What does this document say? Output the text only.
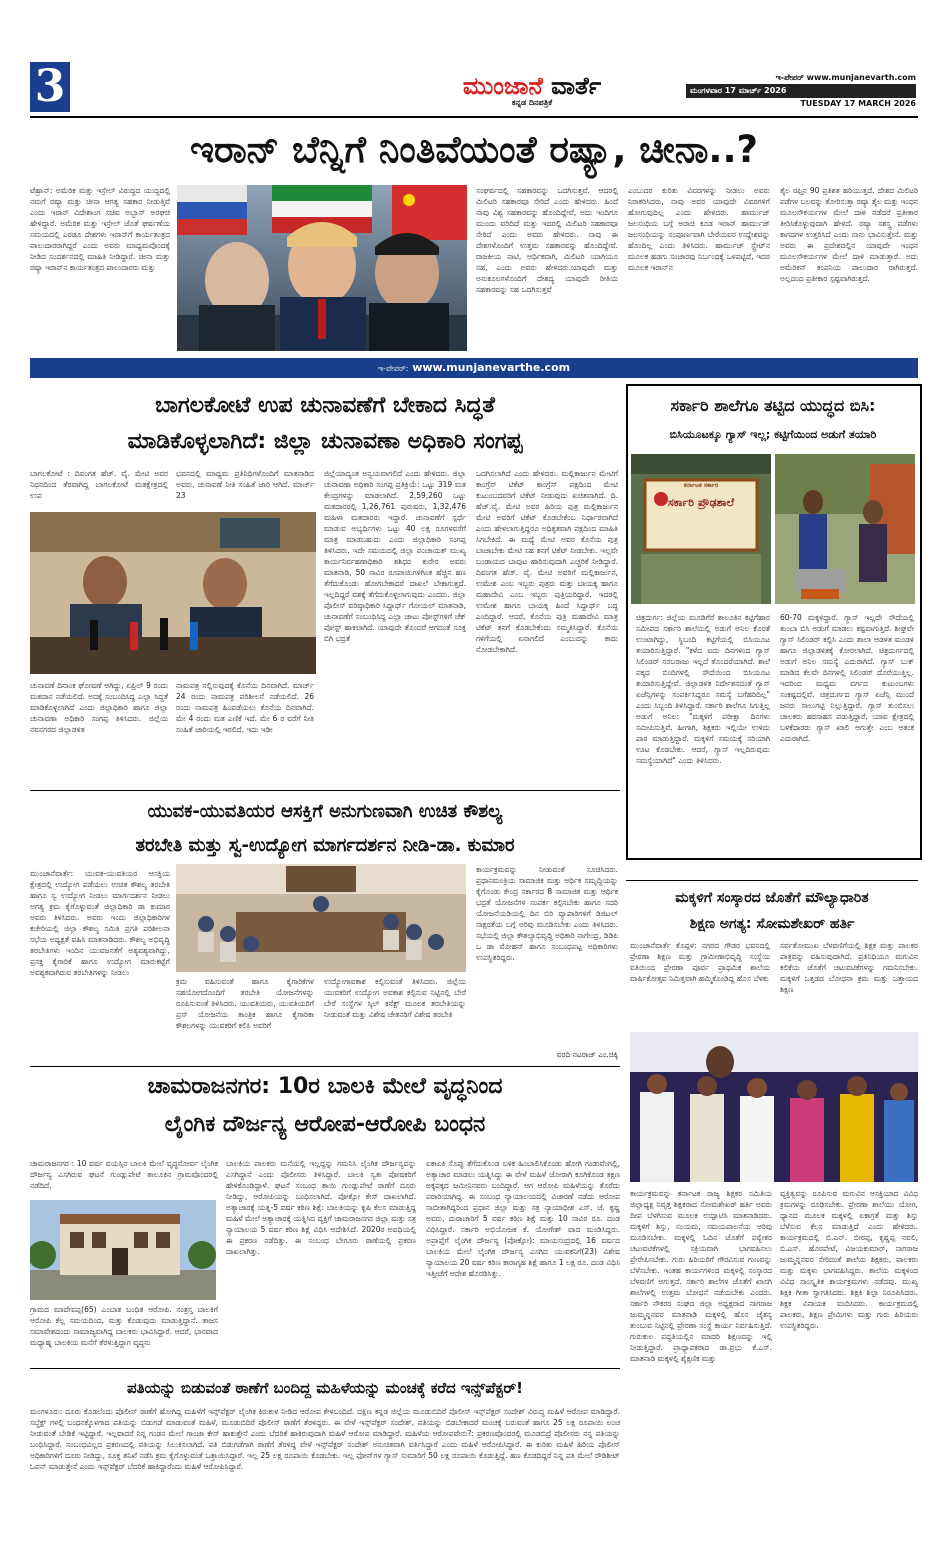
3	ಮುಂಜಾನೆ ವಾರ್ತೆ
ಕನ್ನಡ ದಿನಪತ್ರಿಕೆ
ಇ-ಪೇಪರ್ www.munjanevarth.com
ಮಂಗಳವಾರ 17 ಮಾರ್ಚ್ 2026
TUESDAY 17 MARCH 2026
ಇರಾನ್ ಬೆನ್ನಿಗೆ ನಿಂತಿವೆಯಂತೆ ರಷ್ಯಾ, ಚೀನಾ..?
ಟೆಹ್ರಾನ್: ಅಮೆರಿಕ ಮತ್ತು ಇಸ್ರೇಲ್ ವಿರುದ್ಧದ ಯುದ್ಧದಲ್ಲಿ ನಮಗೆ ರಷ್ಯಾ ಮತ್ತು ಚೀನಾ ಆಗತ್ಯ ಸಹಕಾರ ನೀಡುತ್ತಿವೆ ಎಂದು ಇರಾನ್ ವಿದೇಶಾಂಗ ಸಚಿವ ಅಬ್ಬಾಸ್ ಅರಘಚಿ ಹೇಳಿದ್ದಾರೆ. ಅಮೆರಿಕ ಮತ್ತು ಇಸ್ರೇಲ್ ಜೊತೆ ಘರ್ಷಣೆಯ ಸಮಯದಲ್ಲಿ ಎರಡೂ ದೇಶಗಳು ಇರಾನ್‌ಗೆ ಕಾರ್ಯತಂತ್ರದ ಪಾಲುದಾರರಾಗಿದ್ದರೆ ಎಂದು ಅವರು ಮಾಧ್ಯಮವೊಂದಕ್ಕೆ ನೀಡಿದ ಸಂದರ್ಶನದಲ್ಲಿ ಮಾಹಿತಿ ನೀಡಿದ್ದಾರೆ. ಚೀನಾ ಮತ್ತು ರಷ್ಯಾ ಇರಾನ್‌ನ ಕಾರ್ಯತಂತ್ರದ ಪಾಲುದಾರರು ಮತ್ತು
ಸಂಘರ್ಷದಲ್ಲಿ ಸಹಕಾರವನ್ನು ಒದಗಿಸುತ್ತವೆ. ಆದರಲ್ಲಿ ಮಿಲಿಟರಿ ಸಹಕಾರವೂ ಸೇರಿದೆ ಎಂದು ಹೇಳಿದರು. ಹಿಂದೆ ನಾವು ವಿಶ್ವ ಸಹಕಾರವನ್ನು ಹೊಂದಿದ್ದೇವೆ, ಅದು ಇಂದಿಗೂ ಮುಂದು ವರಿದಿದೆ ಮತ್ತು ಇದರಲ್ಲಿ ಮಿಲಿಟರಿ ಸಹಕಾರವೂ ಸೇರಿದೆ ಎಂದು ಅವರು ಹೇಳಿದರು. ನಾವು ಈ ದೇಶಗಳೊಂದಿಗೆ ಉತ್ತಮ ಸಹಕಾರವನ್ನು ಹೊಂದಿದ್ದೇವೆ. ರಾಜಕೀಯ ನಾಟಿ, ಆರ್ಥಿಕವಾಗಿ, ಮಿಲಿಟರಿ ಯಾಗಿಯೂ ಸಹ, ಎಂದು ಅವರು ಹೇಳಿದರು.ಯಾವುದೇ ಮತ್ತು ಅನುಕೂಲಗಳೊಂದಿಗೆ ದೇಶದ್ಯ ಯಾವುದೇ ರೀತಿಯ ಸಹಕಾರವನ್ನು ಸಹ ಒದಗಿಸುತ್ತವೆ
ಎಂಬುದರ ಕುರಿತು ವಿವರಗಳನ್ನು ನೀಡಲು ಅವರು ನಿರಾಕರಿಸಿದರು, ನಾವು ಅವರ ಯಾವುದೇ ವಿವರಗಳಿಗೆ ಹೋಗುವುದಿಲ್ಲ ಎಂದು ಹೇಳಿದರು. ಹಾರ್ಮುಜ್ ಜಲಸಂಧಿಯ ಬಗ್ಗೆ ಅರಾಚಿ ಕೂಡ ಇರಾನ್ ಹಾರ್ಮುಜ್ ಜಲಸಂಧಿಯನ್ನು ಸಂಪೂರ್ಣವಾಗಿ ಬೇರೆಯವರ ಉದ್ದೇಶವನ್ನು ಹೊಂದಿಲ್ಲ ಎಂದು ತಿಳಿಸಿದರು. ಹಾರ್ಮುಜ್ ಸ್ಟ್ರೇಟ್‌ನ ಮೂಲಕ ಹಡಗು ಸಂಚಾರವು ನಿರ್ಬಂಧಕ್ಕೆ ಒಳಪಟ್ಟಿದೆ, ಇದರ ಮೂಲಕ ಇರಾನ್‌ನ
ತೈಲ ರಫ್ತಿನ 90 ಪ್ರತಿಶತ ಹರಿಯುತ್ತದೆ. ದೇಶದ ಮಿಲಿಟರಿ ಪಡೆಗಳ ಬಲವನ್ನು ತೋರಿಸುತ್ತಾ ರಷ್ಯಾ ತೈಲ ಮತ್ತು ಇಂಧನ ಮೂಲಸೌಕರ್ಯಗಳ ಮೇಲೆ ದಾಳಿ ನಡೆದರೆ ಪ್ರತೀಕಾರ ತೀರಿಸಿಕೊಳ್ಳುವುದಾಗಿ ಹೇಳಿದೆ. ರಷ್ಯಾ ಸಶಸ್ತ್ರ ಪಡೆಗಳು ಕಾಗದಗಳ ಉತ್ತರಿಸಿದೆ ಎಂದು ನಾನು ಭಾವಿಸುತ್ತೇನೆ. ಮತ್ತು ಅವರು ಈ ಪ್ರದೇಶದಲ್ಲಿನ ಯಾವುದೇ ಇಂಧನ ಮೂಲಸೌಕರ್ಯಗಳ ಮೇಲೆ ದಾಳಿ ಮಾಡುತ್ತಾರೆ. ಅದು ಅಮೆರಿಕನ್ ಕಂಪನಿಯ ಪಾಲುದಾರ ರಾಗಿರುತ್ತದೆ. ಅಲ್ಲದಂದ ಪ್ರತೀಕಾರ ಸ್ಪಷ್ಟವಾಗಿರುತ್ತದೆ.
ಇ-ಪೇಪರ್: www.munjanevarthe.com
ಬಾಗಲಕೋಟೆ ಉಪ ಚುನಾವಣೆಗೆ ಬೇಕಾದ ಸಿದ್ಧತೆ
ಮಾಡಿಕೊಳ್ಳಲಾಗಿದೆ: ಜಿಲ್ಲಾ ಚುನಾವಣಾ ಅಧಿಕಾರಿ ಸಂಗಪ್ಪ
ಬಾಗಲಕೋಟೆ : ದಿವಂಗತ ಹೆಚ್. ವೈ. ಮೇಟಿ ಅವರ ನಿಧನದಿಂದ ತೆರವಾಗಿದ್ದ ಬಾಗಲಕೋಟೆ ಮತಕ್ಷೇತ್ರದಲ್ಲಿ ಉಪ
ಭವನದಲ್ಲಿ ಮಾಧ್ಯಮ ಪ್ರತಿನಿಧಿಗಳೊಂದಿಗೆ ಮಾತನಾಡಿದ ಅವರು, ಚುನಾವಣೆ ನೀತಿ ಸಂಹಿತೆ ಜಾರಿ ಆಗಿದೆ. ಮಾರ್ಚ್ 23
ಚುನಾವಣೆ ದಿನಾಂಕ ಘೋಷಣೆ ಆಗಿದ್ದು, ಏಪ್ರಿಲ್ 9 ರಂದು ಮತದಾನ ನಡೆಯಲಿದೆ. ಅದಕ್ಕೆ ಸಂಬಂದಿಸಿದ್ದ ಎಲ್ಲಾ ಸಿದ್ಧತೆ ಮಾಡಿಕೊಳ್ಳಲಾಗಿದೆ ಎಂದು ಜಿಲ್ಲಾಧಿಕಾರಿ ಹಾಗೂ ಜಿಲ್ಲಾ ಚುನಾವಣಾ ಅಧಿಕಾರಿ ಸಂಗಪ್ಪ ತಿಳಿಸಿದರು. ಜಿಲ್ಲೆಯ ನವನಗರದ ಜಿಲ್ಲಾಡಳಿತ
ನಾಮಪತ್ರ ಸಲ್ಲಿಸುವುದಕ್ಕೆ ಕೊನೆಯ ದಿನವಾಗಿದೆ. ಮಾರ್ಚ್ 24 ರಂದು ನಾಮಪತ್ರ ಪರಿಶೀಲನೆ ನಡೆಯಲಿದೆ. 26 ರಂದು ನಾಮಪತ್ರ ಹಿಂಪಡೆಯಲು ಕೊನೆಯ ದಿನವಾಗಿದೆ. ಮೇ 4 ರಂದು ಮತ ಎಣಿಕೆ ಇದೆ. ಮೇ 6 ರ ವರೆಗೆ ನೀತಿ ಸಂಹಿತೆ ಜಾರಿಯಲ್ಲಿ ಇರಲಿದೆ. ಇದು ಇಡೀ
ಜಿಲ್ಲೆಯಾದ್ಯಂತ ಅನ್ವಯವಾಗಲಿದೆ ಎಂದು ಹೇಳಿದರು. ಜಿಲ್ಲಾ ಚುನಾವಣಾ ಅಧಿಕಾರಿ ಸಂಗಪ್ಪ ಪ್ರತಿಕ್ರಿಯೆ: ಒಟ್ಟು 319 ಮತ ಕೇಂದ್ರಗಳನ್ನು ಮಾಡಲಾಗಿದೆ. 2,59,260 ಒಟ್ಟು ಮತದಾರರಲ್ಲಿ 1,26,761 ಪುರುಷರು, 1,32,476 ಮಹಿಳಾ ಮತದಾರರು ಇದ್ದಾರೆ. ಚುನಾವಣೆಗೆ ಸ್ಪರ್ಧೆ ಮಾಡುವ ಅಭ್ಯರ್ಥಿಗಳು ಒಟ್ಟು 40 ಲಕ್ಷ ರೂಗಳವರೆಗೆ ಮಾತ್ರ ಮಾಡಬಹುದು ಎಂದು ಜಿಲ್ಲಾಧಿಕಾರಿ ಸಂಗಪ್ಪ ತಿಳಿಸಿದರು. ಇದೇ ಸಮಯದಲ್ಲಿ ಜಿಲ್ಲಾ ಪಂಚಾಯತ್ ಮುಖ್ಯ ಕಾರ್ಯನಿರ್ವಹಣಾಧಿಕಾರಿ ಶಶಿಧರ ಕುರೇರ ಅವರು ಮಾತನಾಡಿ, 50 ಸಾವಿರ ರೂಪಾಯಿಗಳಿಗಿಂತ ಹೆಚ್ಚಿನ ಹಣ ತೆಗೆದುಕೊಂಡು ಹೋಗಬೇಕಾದರೆ ದಾಖಲೆ ಬೇಕಾಗುತ್ತದೆ. ಇಲ್ಲದಿದ್ದರೆ ವಶಕ್ಕೆ ತೆಗೆದುಕೊಳ್ಳಲಾಗುವುದು ಎಂದರು. ಜಿಲ್ಲಾ ಪೊಲೀಸ್ ವರಿಷ್ಠಾಧಿಕಾರಿ ಸಿದ್ದಾರ್ಥ್ ಗೋಯಲ್ ಮಾತನಾಡಿ, ಚುನಾವಣೆಗೆ ಸಂಬಂಧಿಸಿದ್ದ ಎಲ್ಲಾ ಚಾಟು ಪೋಸ್ಟ್‌ಗಳಿಗೆ ಚೆಕ್ ಪೋಸ್ಟ್ ಹಾಕಲಾಗಿದೆ. ಯಾವುದೇ ತೊಂದರೆ ಆಗದಂತೆ ಸೂಕ್ತ ಬಿಗಿ ಭದ್ರತೆ
ಒದಗಿಸಲಾಗಿದೆ ಎಂದು ಹೇಳಿದರು. ಮಲ್ಲಿಕಾರ್ಜುನ ಮೇಟಿಗೆ ಕಾಂಗ್ರೆಸ್ ಟಿಕೆಟ್ ಕಾಂಗ್ರೆಸ್ ಪಕ್ಷದಿಂದ ಮೇಟಿ ಕುಟುಂಬದವರಿಗೆ ಟಿಕೆಟ್ ನೀಡುವುದು ಖಚಿತವಾಗಿದೆ. ದಿ. ಹೆಚ್.ವೈ. ಮೇಟಿ ಅವರ ಹಿರಿಯ ಪುತ್ರ ಮಲ್ಲಿಕಾರ್ಜುನ ಮೇಟಿ ಅವರಿಗೆ ಟಿಕೆಟ್ ಕೊಡಬೇಕೆಂಬ ನಿರ್ಧಾರವಾಗಿದೆ ಎಂದು ಹೇಳಲಾಗುತ್ತಿದ್ದರೂ ಅಧಿಕೃತವಾಗಿ ಪಕ್ಷದಿಂದ ಮಾಹಿತಿ ಸಿಗಬೇಕಿದೆ. ಈ ಮಧ್ಯೆ ಮೇಟಿ ಅವರ ಕೊನೆಯ ಪುತ್ರ ಬಾಜಾಬೇಕು ಮೇಟಿ ಸಹ ತನಗೆ ಟಿಕೆಟ್ ನೀಡಬೇಕು. ಇಲ್ಲವೇ ಬಂಡಾಯದ ಬಾವುಟ ಹಾರಿಸುವುದಾಗಿ ಎಚ್ಚರಿಕೆ ನೀಡಿದ್ದಾರೆ. ದಿವಂಗತ ಹೆಚ್. ವೈ. ಮೇಟಿ ಅವರಿಗೆ ಮಲ್ಲಿಕಾರ್ಜುನ, ಉಮೇಶ ಎಂಬ ಇಬ್ಬರು ಪುತ್ರರು ಮತ್ತು ಬಾಯಕ್ಕ ಹಾಗೂ ಮಹಾದೇವಿ ಎಂಬ ಇಬ್ಬರು ಪುತ್ರಿಯರಿದ್ದಾರೆ. ಇದರಲ್ಲಿ ಉಮೇಶ ಹಾಗೂ ಬಾಯಕ್ಕ ಹಿಂದೆ ಸಿದ್ದಾರ್ಥ್ ಬದ್ಧ ಎಂದಿದ್ದಾರೆ. ಆದರೆ, ಕೊನೆಯ ಪುತ್ರಿ ಮಹಾದೇವಿ ಮಾತ್ರ ಟಿಕೆಟ್ ತನಗೆ ಕೊಡಬೇಕೆಂದು ಸಮ್ಮತಿಸಿದ್ದಾರೆ. ಕೊನೆಯ ಗಳಿಗೆಯಲ್ಲಿ ಏನಾಗಲಿದೆ ಎಂಬುದನ್ನು ಕಾದು ನೋಡಬೇಕಾಗಿದೆ.
ಸರ್ಕಾರಿ ಶಾಲೆಗೂ ತಟ್ಟಿದ ಯುದ್ಧದ ಬಿಸಿ:
ಬಿಸಿಯೂಟಕ್ಕೂ ಗ್ಯಾಸ್ ಇಲ್ಲ; ಕಟ್ಟಿಗೆಯಿಂದ ಅಡುಗೆ ತಯಾರಿ
ಕರ್ನಾಟಕ ಸರ್ಕಾರ
ಸರ್ಕಾರಿ ಪ್ರೌಢಶಾಲೆ
ಚಿತ್ರದುರ್ಗ: ಜಿಲ್ಲೆಯ ಮೂಡಿಗೆರೆ ತಾಲೂಕಿನ ಕಟ್ಟಿಗೆಹಾರ ಸಮೀಪದ ಸರ್ಕಾರಿ ಶಾಲೆಯಲ್ಲಿ ಅಡುಗೆ ಅನಿಲ ಕೊರತೆ ಉಂಟಾಗಿದ್ದು, ಸ್ಥಿಬಂದಿ ಕಟ್ಟಿಗೆಯಲ್ಲಿ ಬಿಸಿಯೂಟ ತಯಾರಿಸುತ್ತಿದ್ದಾರೆ. "ಕಳೆದ ಐದು ದಿನಗಳಿಂದ ಗ್ಯಾಸ್ ಸಿಲಿಂಡರ್ ಸರಬರಾಜು ಇಲ್ಲದೆ ತೊಂದರೆಯಾಗಿದೆ. ಶಾಲೆ ಪಕ್ಕದ ಬಿಂದಿಗಳಲ್ಲಿ ಸೌದೆಯಿಂದ ಬಿಸಿಯೂಟ ತಯಾರಿಸುತ್ತಿದ್ದೇವೆ. ಜಿಲ್ಲಾಡಳಿತ ನಿರ್ದೇಶನದಂತೆ ಗ್ಯಾಸ್ ಏಜೆನ್ಸಿಗಳನ್ನು ಸಂಪರ್ಕಿಸಿದ್ದರೂ ಸಮಸ್ಯೆ ಬಗೆಹರಿದಿಲ್ಲ" ಎಂದು ಸಿಬ್ಬಂದಿ ತಿಳಿಸಿದ್ದಾರೆ. ಸರ್ಕಾರಿ ಶಾಲೆಗೂ ಸಿಗುತ್ತಿಲ್ಲ ಅಡುಗೆ ಅನಿಲ: "ಮಕ್ಕಳಿಗೆ ಪರೀಕ್ಷಾ ದಿನಗಳು ಸಮೀಪಿಸುತ್ತಿವೆ. ಹೀಗಾಗಿ, ಶಿಕ್ಷಕರು ಇಲ್ಲಿಯೇ ಉಳಿದು ಪಾಠ ಮಾಡುತ್ತಿದ್ದಾರೆ. ಮಕ್ಕಳಿಗೆ ಸಮಯಕ್ಕೆ ಸರಿಯಾಗಿ ಊಟ ಕೊಡಬೇಕು. ಆದರೆ, ಗ್ಯಾಸ್ ಇಲ್ಲದಿರುವುದು ಸಮಸ್ಯೆಯಾಗಿದೆ" ಎಂದು ತಿಳಿಸಿದರು.
60-70 ಮಕ್ಕಳಿದ್ದಾರೆ. ಗ್ಯಾಸ್ ಇಲ್ಲದೇ ಸೌದೆಯಲ್ಲಿ ತುಂಬಾ ಬಿಸಿ ಅಡುಗೆ ಮಾಡಲು ಕಷ್ಟವಾಗುತ್ತಿದೆ. ಶೀಘ್ರವೇ ಗ್ಯಾಸ್ ಸಿಲಿಂಡರ್ ಕಲ್ಪಿಸಿ ಎಂದು ಶಾಲಾ ಆಡಳಿತ ಮಂಡಳಿ ಹಾಗೂ ಜಿಲ್ಲಾಡಳಿತಕ್ಕೆ ಕೋರಲಾಗಿದೆ. ಚಿತ್ರದುರ್ಗದಲ್ಲಿ ಅಡುಗೆ ಅನಿಲ ಸಮಸ್ಯೆ ಎದುರಾಗಿದೆ. ಗ್ಯಾಸ್ ಬುಕ್ ಮಾಡಿದ ಕೆಲವೇ ದಿನಗಳಲ್ಲಿ ಸಿಲಿಂಡರ್ ದೊರೆಯುತ್ತಿಲ್ಲ. ಇದರಿಂದ ಮಧ್ಯಮ ವರ್ಗದ ಕುಟುಂಬಗಳು ಸಂಕಷ್ಟದಲ್ಲಿವೆ. ಚಿತ್ರದುರ್ಗದ ಗ್ಯಾಸ್ ಏಜೆನ್ಸಿ ಮುಂದೆ ಜನರು ಸಾಲುಗಟ್ಟಿ ನಿಲ್ಲುತ್ತಿದ್ದಾರೆ. ಗ್ಯಾಸ್ ತುಂಬಿಸಲು ಚಾಲಕರು ಹರಸಾಹಸ ಪಡುತ್ತಿದ್ದಾರೆ. ಯಾವ ಕ್ಷೇತ್ರದಲ್ಲಿ ಬಳಕೆದಾರರು ಗ್ಯಾಸ್ ಖಾಲಿ ಆಗುತ್ತೇ ಎಂಬ ಆತಂಕ ಎದುರಾಗಿದೆ.
ಯುವಕ-ಯುವತಿಯರ ಆಸಕ್ತಿಗೆ ಅನುಗುಣವಾಗಿ ಉಚಿತ ಕೌಶಲ್ಯ
ತರಬೇತಿ ಮತ್ತು ಸ್ವ-ಉದ್ಯೋಗ ಮಾರ್ಗದರ್ಶನ ನೀಡಿ-ಡಾ. ಕುಮಾರ
ಮುಂಜಾನೆವಾರ್ತೆ: ಯುವಕ-ಯುವತಿಯರ ಆಸಕ್ತಿಯ ಕ್ಷೇತ್ರದಲ್ಲಿ ಉದ್ಯೋಗ ಪಡೆಯಲು ಉಚಿತ ಕೌಶಲ್ಯ ತರಬೇತಿ ಹಾಗೂ ಸ್ವ ಉದ್ಯೋಗ ನೀಡಲು ಮಾರ್ಗದರ್ಶನ ನೀಡಲು ಅಗತ್ಯ ಕ್ರಮ ಕೈಗೊಳ್ಳುವಂತೆ ಜಿಲ್ಲಾಧಿಕಾರಿ ಡಾ ಕುಮಾರ ಅವರು ತಿಳಿಸಿದರು. ಅವರು ಇಂದು ಜಿಲ್ಲಾಧಿಕಾರಿಗಳ ಕಚೇರಿಯಲ್ಲಿ ಜಿಲ್ಲಾ ಕೌಶಲ್ಯ ಸಮಿತಿ ಪ್ರಗತಿ ಪರಿಶೀಲನಾ ಸಭೆಯ ಅಧ್ಯಕ್ಷತೆ ವಹಿಸಿ ಮಾತನಾಡಿದರು. ಕೌಶಲ್ಯ ಅಭಿವೃದ್ಧಿ ತರಬೇತಿಗಳು ಇಂದಿನ ಯುವಜನತೆಗೆ ಅತ್ಯವಶ್ಯವಾಗಿದ್ದು, ಪ್ರಸಕ್ತ ಕೈಗಾರಿಕೆ ಹಾಗೂ ಉದ್ಯೋಗ ಮಾರುಕಟ್ಟೆಗೆ ಅವಶ್ಯಕವಾಗಿರುವ ತರಬೇತಿಗಳನ್ನು ನೀಡಲು
ಕ್ರಮ ವಹಿಸುವಂತೆ ಹಾಗೂ ಕೈಗಾರಿಕೆಗಳ ಸಹಯೋಗದೊಂದಿಗೆ ತರಬೇತಿ ಯೋಜನೆಗಳನ್ನು ರೂಪಿಸುವಂತೆ ತಿಳಿಸಿದರು. ಯುವತಿಯರು, ಯುವತಿಯರಿಗೆ ಪ್ರಸ್ ಯೋಜನೆಯ ತಾಂತ್ರಿಕ ಹಾಗೂ ಕೈಗಾರಿಕಾ ಕೌಶಲಗಳನ್ನು ಯುವಕರಿಗೆ ಕಲಿಸಿ ಅವರಿಗೆ
ಉದ್ಯೋಗಾವಕಾಶ ಕಲ್ಪಿಸುವಂತೆ ತಿಳಿಸಿದರು. ಜಿಲ್ಲೆಯ ಯುವಕರಿಗೆ ಉದ್ಯೋಗ ಅವಕಾಶ ಕಲ್ಪಿಸುವ ನಿಟ್ಟಿನಲ್ಲಿ ಬೇರೆ ಬೇರೆ ಸಂಸ್ಥೆಗಳ ಸ್ಕಿಲ್ ಕನೆಕ್ಟ್ ಮೂಲಕ ತರಬೇತಿಯನ್ನು ನೀಡುವಂತೆ ಮತ್ತು ವಿಶೇಷ ಚೇತನರಿಗೆ ವಿಶೇಷ ತರಬೇತಿ
ಕಾರ್ಯಕ್ರಮವನ್ನು ನೀಡುವಂತೆ ಸೂಚಿಸಿದರು. ಪ್ರಧಾನಮಂತ್ರಿಯ ಸಾಮಾಜಿಕ ಮತ್ತು ಆರ್ಥಿಕ ಸಮೃದ್ಧಿಯನ್ನು ಕೈಗೊಂಡು ಕೇಂದ್ರ ಸರ್ಕಾರದ 8 ಸಾಮಾಜಿಕ ಮತ್ತು ಆರ್ಥಿಕ ಭದ್ರತೆ ಯೋಜನೆಗಳ ಸಂಪರ್ಕ ಕಲ್ಪಿಸಬೇಕು ಹಾಗೂ ಸದರಿ ಯೋಜನೆಯಡಿಯಲ್ಲಿ ದಿನ ಬಿರಿ ವ್ಯಾಪಾರಿಗಳಿಗೆ ಡಿಜಿಟಲ್ ಸಾಕ್ಷರತೆಯ ಬಗ್ಗೆ ಅರಿವು ಮೂಡಿಸಬೇಕು ಎಂದು ತಿಳಿಸಿದರು. ಸಭೆಯಲ್ಲಿ ಜಿಲ್ಲಾ ಕೌಶಲ್ಯಾಭಿವೃದ್ಧಿ ಅಧಿಕಾರಿ ನಾಗೇಂದ್ರ, ಡಿಡಿಪಿ ಒ ಡಾ ಮೋಹನ್ ಹಾಗೂ ಸಂಬಂಧಪಟ್ಟ ಅಧಿಕಾರಿಗಳು ಉಪಸ್ಥಿತರಿದ್ದರು.
ವರದಿ ನಟರಾಜ್ ಎಂ.ಚಿಕ್ಕಿ
ಮಕ್ಕಳಿಗೆ ಸಂಸ್ಕಾರದ ಜೊತೆಗೆ ಮೌಲ್ಯಾಧಾರಿತ
ಶಿಕ್ಷಣ ಅಗತ್ಯ: ಸೋಮಶೇಖರ್ ಹರ್ತಿ
ಮುಂಜಾನೆವಾರ್ತೆ ಕೊಪ್ಪಳ: ನಗರದ ಗೌಡರ ಭವನದಲ್ಲಿ ಪ್ರೇರಣಾ ಶಿಕ್ಷಣ ಮತ್ತು ಗ್ರಾಮೀಣಾಭಿವೃದ್ಧಿ ಸಂಸ್ಥೆಯ ವತಿಯಿಂದ ಪ್ರೇರಣಾ ಪೂರ್ವ ಪ್ರಾಥಮಿಕ ಶಾಲೆಯ ವಾರ್ಷಿಕೋತ್ಸವ ನಿಮಿತ್ತವಾಗಿ ಹಮ್ಮಿಕೊಂಡಿದ್ದ ಹೊಸ ಬೆಳಕು
ಸರ್ವತೋಮುಖ ಬೆಳವಣಿಗೆಯಲ್ಲಿ ಶಿಕ್ಷಕ ಮತ್ತು ಪಾಲಕರ ಪಾತ್ರವನ್ನು ವಹಿಸುವುದಾಗಿದೆ. ಪ್ರತಿನಿಧಿಯೂ ಮಗುವಿನ ಕಲಿಕೆಯ ಜೊತೆಗೆ ಚಟುವಟಿಕೆಗಳನ್ನು ಗಮನಿಸಬೇಕು. ಮಕ್ಕಳಿಗೆ ಒತ್ತಡದ ಬೋಧನಾ ಕ್ರಮ ಮತ್ತು ಒತ್ತಾಯದ ಶಿಕ್ಷಣ
ಕಾರ್ಯಕ್ರಮವನ್ನು ಕರ್ನಾಟಕ ರಾಜ್ಯ ಶಿಕ್ಷಕರ ಸಮಿತಿಯ ಜಿಲ್ಲಾಧ್ಯಕ್ಷ ನಿವೃತ್ತ ಶಿಕ್ಷಕರಾದ ಸೋಮಶೇಖರ್ ಹರ್ತಿ ಅವರು ದೀಪ ಬೆಳಗಿಸುವ ಮೂಲಕ ಉದ್ಘಾಟಿಸಿ ಮಾತನಾಡಿದರು. ಮಕ್ಕಳಿಗೆ ಶಿಸ್ತು, ಸಂಯಮ, ಸಮಯಪಾಲನೆಯ ಅರಿವು ಮೂಡಿಸಬೇಕು. ಮಕ್ಕಳಲ್ಲಿ ಓದಿನ ಜೊತೆಗೆ ಪಠ್ಯೇತರ ಚಟುವಟಿಕೆಗಳಲ್ಲಿ ಸಕ್ರಿಯವಾಗಿ ಭಾಗವಹಿಸಲು ಪ್ರೇರೇಪಿಸಬೇಕು. ಗುರು ಹಿರಿಯರಿಗೆ ಗೌರವಿಸುವ ಗುಣವನ್ನು ಬೆಳೆಸಬೇಕು. ಇಂತಹ ಕಾರ್ಯಗಳಿಂದ ಮಕ್ಕಳಲ್ಲಿ ಸಂಸ್ಕಾರದ ಬೆಳವಣಿಗೆ ಆಗುತ್ತದೆ. ಸರ್ಕಾರಿ ಶಾಲೆಗಳ ಜೊತೆಗೆ ಖಾಸಗಿ ಶಾಲೆಗಳಲ್ಲಿ ಉತ್ತಮ ಬೋಧನೆ ನಡೆಯಬೇಕು ಎಂದರು. ಸರ್ಕಾರಿ ನೌಕರರ ಸಂಘದ ಜಿಲ್ಲಾ ಅಧ್ಯಕ್ಷರಾದ ನಾಗರಾಜ ಜುಮ್ಮನ್ನನವರ ಮಾತನಾಡಿ ಮಕ್ಕಳಲ್ಲಿ ಹೊಸ ಚೈತನ್ಯ ತುಂಬುವ ನಿಟ್ಟಿನಲ್ಲಿ ಪ್ರೇರಣಾ ಸಂಸ್ಥೆ ಕಾರ್ಯ ನಿರ್ವಹಿಸುತ್ತಿದೆ. ಗುರುಕುಲ ಪದ್ಧತಿಯಲ್ಲಿನ ಮಾದರಿ ಶಿಕ್ಷಣವನ್ನು ಇಲ್ಲಿ ನೀಡುತ್ತಿದ್ದಾರೆ. ಪ್ರಾಧ್ಯಾಪಕರಾದ ಡಾ.ಪ್ರಭು ಕೆ.ಎಸ್. ಮಾತನಾಡಿ ಮಕ್ಕಳಲ್ಲಿ ಶೈಕ್ಷಣಿಕ ಮತ್ತು
ವ್ಯಕ್ತಿತ್ವವನ್ನು ರೂಪಿಸುವ ಮಗುವಿನ ಆಸಕ್ತಿಯಾದ ವಿವಿಧ ಕ್ರಮಗಳನ್ನು ರೂಢಿಸಬೇಕು. ಪ್ರೇರಣಾ ಶಾಲೆಯು ಯೋಗ, ಧ್ಯಾನದ ಮೂಲಕ ಮಕ್ಕಳಲ್ಲಿ ಏಕಾಗ್ರತೆ ಮತ್ತು ಶಿಸ್ತು ಬೆಳೆಸುವ ಕೆಲಸ ಮಾಡುತ್ತಿದೆ ಎಂದು ಹೇಳಿದರು. ಕಾರ್ಯಕ್ರಮದಲ್ಲಿ ಬಿ.ಎನ್. ಬೀರಪ್ಪ, ಕೃಷ್ಣಪ್ಪ ನವಲಿ, ಬಿ.ಎಸ್. ಹೊರಪೇಟೆ, ವಿಜಯಕುಮಾರ್, ನಾಗರಾಜ ಜುಮ್ಮನ್ನನವರ ಸೇರಿದಂತೆ ಶಾಲೆಯ ಶಿಕ್ಷಕರು, ಪಾಲಕರು ಮತ್ತು ಮಕ್ಕಳು ಭಾಗವಹಿಸಿದ್ದರು. ಶಾಲೆಯ ಮಕ್ಕಳಿಂದ ವಿವಿಧ ಸಾಂಸ್ಕೃತಿಕ ಕಾರ್ಯಕ್ರಮಗಳು ನಡೆದವು. ಮುಖ್ಯ ಶಿಕ್ಷಕಿ ಗೀತಾ ಸ್ವಾಗತಿಸಿದರು. ಶಿಕ್ಷಕಿ ಶಿಲ್ಪಾ ನಿರೂಪಿಸಿದರು. ಶಿಕ್ಷಕ ವಿನಾಯಕ ವಂದಿಸಿದರು. ಕಾರ್ಯಕ್ರಮದಲ್ಲಿ ಪಾಲಕರು, ಶಿಕ್ಷಣ ಪ್ರೇಮಿಗಳು ಮತ್ತು ಗುರು ಹಿರಿಯರು ಉಪಸ್ಥಿತರಿದ್ದರು.
ಚಾಮರಾಜನಗರ: 10ರ ಬಾಲಕಿ ಮೇಲೆ ವೃದ್ಧನಿಂದ
ಲೈಂಗಿಕ ದೌರ್ಜನ್ಯ ಆರೋಪ-ಆರೋಪಿ ಬಂಧನ
ಚಾಮರಾಜನಗರ : 10 ವರ್ಷ ವಯಸ್ಸಿನ ಬಾಲಕಿ ಮೇಲೆ ವೃದ್ಧನೋರ್ವ ಲೈಂಗಿಕ ದೌರ್ಜನ್ಯ ಎಸಗಿರುವ ಘಟನೆ ಗುಂಡ್ಲುಪೇಟೆ ತಾಲೂಕಿನ ಗ್ರಾಮವೊಂದರಲ್ಲಿ ನಡೆದಿದೆ.
ಗ್ರಾಮದ ಮಾದೇವಪ್ಪ(65) ಎಂಬಾತ ಬಂಧಿತ ಆರೋಪಿ. ಸಂತ್ರಸ್ತ ಬಾಲಕಿಗೆ ಆರೋಪಿ ಕೆಲ್ಲ ಸಮಯದಿಂದ, ಮತ್ತು ಕೊಡುವುದು ಮಾಡುತ್ತಿದ್ದಾನೆ. ತಾಜಸ ಸಮಾವೇಶದಂದು ಸಾಮಾಜ್ಯವಾಗಿದ್ದ ಬಾಲಕರು ಭಾವಿಸಿದ್ದಾರೆ. ಆದರೆ, ಭಾರವಾದ ಮಧ್ಯಾಹ್ನ ಬಾಲಕಿಯ ಮನೆಗೆ ತೆರಳುತ್ತಿದ್ದಾಗ ವೃದ್ಧನು
ಬಾಲಕಿಯ ಪಾಲಕರು ಮನೆಯಲ್ಲಿ ಇಲ್ಲದ್ದನ್ನು ಗಮನಿಸಿ ಲೈಂಗಿಕ ದೌರ್ಜನ್ಯವನ್ನು ಎಸಗಿದ್ದಾನೆ ಎಂದು ಪೊಲೀಸರು ತಿಳಿಸಿದ್ದಾರೆ. ಬಾಲಕಿ ಸ್ವತಃ ಪೋಷಕರಿಗೆ ಹೇಳಿಕೊಂಡಿದ್ದಾಳೆ. ಘಟನೆ ಸಂಬಂಧ ತಾಯಿ ಗುಂಡ್ಲುಪೇಟೆ ಠಾಣೆಗೆ ದೂರು ನೀಡಿದ್ದು, ಆರೋಪಿಯನ್ನು ಬಂಧಿಸಲಾಗಿದೆ. ಪೋಕ್ಸೋ ಕೇಸ್ ದಾಖಲಾಗಿದೆ. ಅತ್ಯಾಚಾರಕ್ಕೆ ಯತ್ನ-5 ವರ್ಷ ಕಠಿಣ ಶಿಕ್ಷೆ: ಬಾಲಕಿಯನ್ನು ಕೃಷಿ ಕೆಲಸ ಮಾಡುತ್ತಿದ್ದ ಮಹಿಳೆ ಮೇಲೆ ಅತ್ಯಾಚಾರಕ್ಕೆ ಯತ್ನಿಸಿದ ವ್ಯಕ್ತಿಗೆ ಚಾಮರಾಜನಗರ ಜಿಲ್ಲಾ ಮತ್ತು ಸತ್ರ ನ್ಯಾಯಾಲಯ 5 ವರ್ಷ ಕಠಿಣ ಶಿಕ್ಷೆ ವಿಧಿಸಿ ಆದೇಶಿಸಿದೆ. 2020ರ ಅವಧಿಯಲ್ಲಿ ಈ ಪ್ರಕರಣ ನಡೆದಿತ್ತು. ಈ ಸಂಬಂಧ ಬೇಗೂರು ಠಾಣೆಯಲ್ಲಿ ಪ್ರಕರಣ ದಾಖಲಾಗಿತ್ತು.
ಏಕಾಏಕಿ ಸೊಪ್ಪು ತೆಗೆದುಕೊಂಡ ಬಳಿಕ ಹಿಂಬಾಲಿಸಿಕೊಂಡು ಹೋಗಿ ಗಂಡುವೆಂಗಲ್ಲಿ, ಅತ್ಯಾಚಾರ ಮಾಡಲು ಯತ್ನಿಸಿದ್ದು ಈ ವೇಳೆ ಮಹಿಳೆ ಜೋರಾಗಿ ಕೂಗಿಕೊಂಡ ತಕ್ಷಣ ಅಕ್ಕಪಕ್ಕದ ಜಮೀನಿನವರು ಬಂದಿದ್ದಾರೆ. ಆಗ ಆರೋಪಿ ಮಹಿಳೆಯನ್ನು ತೊರೆದು ಪರಾರಿಯಾಗಿದ್ದ. ಈ ಸಂಬಂಧ ನ್ಯಾಯಾಲಯದಲ್ಲಿ ವಿಚಾರಣೆ ನಡೆದು ಆರೋಪ ಸಾಬೀತಾಗಿದ್ದರಿಂದ ಪ್ರಧಾನ ಜಿಲ್ಲಾ ಮತ್ತು ಸತ್ರ ನ್ಯಾಯಾಧೀಶ ಎಸ್. ಜೆ. ಕೃಷ್ಣ ಅವರು, ದುರಾಚಾರಿಗೆ 5 ವರ್ಷ ಕಠಿಣ ಶಿಕ್ಷೆ ಮತ್ತು 10 ಸಾವಿರ ರೂ. ದಂಡ ವಿಧಿಸಿದ್ದಾರೆ. ಸರ್ಕಾರಿ ಅಭಿಯೋಜಕ ಕೆ. ಯೋಗೇಶ್ ವಾದ ಮಂಡಿಸಿದ್ದರು. ಅಪ್ರಾಪ್ತೆಗೆ ಲೈಂಗಿಕ ದೌರ್ಜನ್ಯ (ಪೋಕ್ಸೋ): ಮಾಯಸಂದ್ರದಲ್ಲಿ 16 ವರ್ಷದ ಬಾಲಕಿಯ ಮೇಲೆ ಲೈಂಗಿಕ ದೌರ್ಜನ್ಯ ಎಸಗಿದ ಯುವಕನಿಗೆ(23) ವಿಶೇಷ ನ್ಯಾಯಾಲಯ 20 ವರ್ಷ ಕಠಿಣ ಕಾರಾಗೃಹ ಶಿಕ್ಷೆ ಹಾಗೂ 1 ಲಕ್ಷ ರೂ. ದಂಡ ವಿಧಿಸಿ ಇತ್ತೀಚೆಗೆ ಆದೇಶ ಹೊರಡಿಸಿತ್ತು.
ಪತಿಯನ್ನು ಬಿಡುವಂತೆ ಠಾಣೆಗೆ ಬಂದಿದ್ದ ಮಹಿಳೆಯನ್ನು ಮಂಚಕ್ಕೆ ಕರೆದ ಇನ್ಸ್‌ಪೆಕ್ಟರ್!
ಮಂಗಳೂರು: ದೂರು ಕೊಡಲೆಂದು ಪೊಲೀಸ್ ಠಾಣೆಗೆ ಹೋಗಿದ್ದ ಮಹಿಳೆಗೆ ಇನ್ಸ್‌ಪೆಕ್ಟರ್ ಲೈಂಗಿಕ ಕಿರುಕುಳ ನೀಡಿದ ಆರೋಪ ಕೇಳಿಬಂದಿದೆ. ದಕ್ಷಿಣ ಕನ್ನಡ ಜಿಲ್ಲೆಯ ಮೂಡುಬಿದಿರೆ ಪೊಲೀಸ್ ಇನ್ಸ್‌ಪೆಕ್ಟರ್ ಸಂದೇಶ್ ವಿರುದ್ಧ ಮಹಿಳೆ ಆರೋಪ ಮಾಡಿದ್ದಾರೆ. ಸಬ್ಜೆಕ್ಟ್ ಗಳಲ್ಲಿ ಬಂಧನಕ್ಕೊಳಗಾದ ಪತಿಯನ್ನು ಬಿಡುಗಡೆ ಮಾಡುವಂತೆ ಮಹಿಳೆ, ಮೂಡುಬಿದಿರೆ ಪೊಲೀಸ್ ಠಾಣೆಗೆ ತೆರಳಿದ್ದರು. ಈ ವೇಳೆ ಇನ್ಸ್‌ಪೆಕ್ಟರ್ ಸಂದೇಶ್, ಪತಿಯನ್ನು ಬಿಡಬೇಕಾದರೆ ಮಂಚಕ್ಕೆ ಬರುವಂತೆ ಹಾಗೂ 25 ಲಕ್ಷ ರೂಪಾಯಿ ಲಂಚ ನೀಡುವಂತೆ ಬೇಡಿಕೆ ಇಟ್ಟಿದ್ದಾರೆ. ಇಲ್ಲವಾದರೆ ನಿನ್ನ ಗಂಡನ ಮೇಲೆ ಗಾಂಜಾ ಕೇಸ್ ಹಾಕುತ್ತೇನೆ ಎಂದು ಬೆದರಿಕೆ ಹಾಕಿರುವುದಾಗಿ ಮಹಿಳೆ ಆರೋಪ ಮಾಡಿದ್ದಾರೆ. ಮಹಿಳೆಯ ಆರೋಪವೇನು?: ಪ್ರಕರಣವೊಂದರಲ್ಲಿ ಮೂಡಬಿದ್ರೆ ಪೊಲೀಸರು ನನ್ನ ಪತಿಯನ್ನು ಬಂಧಿಸಿದ್ದಾರೆ. ಸಂಬಂಧವಿಲ್ಲದ ಪ್ರಕರಣದಲ್ಲಿ ಪತಿಯನ್ನು ಸಿಲುಕಿಸಲಾಗಿದೆ. ಪತಿ ಬಿಡುಗಡೆಗಾಗಿ ಠಾಣೆಗೆ ತೆರಳಿದ್ದ ವೇಳೆ ಇನ್ಸ್‌ಪೆಕ್ಟರ್ ಸಂದೇಶ್ ಅನುಚಿತವಾಗಿ ವರ್ತಿಸಿದ್ದಾರೆ ಎಂದು ಮಹಿಳೆ ಆರೋಪಿಸಿದ್ದಾರೆ. ಈ ಕುರಿತು ಮಹಿಳೆ ಹಿರಿಯ ಪೊಲೀಸ್ ಅಧಿಕಾರಿಗಳಿಗೆ ದೂರು ನೀಡಿದ್ದು, ಸೂಕ್ತ ತನಿಖೆ ನಡೆಸಿ ಕ್ರಮ ಕೈಗೊಳ್ಳುವಂತೆ ಒತ್ತಾಯಿಸಿದ್ದಾರೆ. ಇಲ್ಲ 25 ಲಕ್ಷ ರೂಪಾಯಿ ಕೊಡಬೇಕು. ಇಲ್ಲ ಫೋನ್‌ಗಳ ಗ್ಯಾಸ್ ಸುಮಾರಿಗೆ 50 ಲಕ್ಷ ರೂಪಾಯಿ ಕೊಡುತ್ತಿದ್ದೆ. ಹಣ ಕೊಡದಿದ್ದರೆ ನಿನ್ನ ಪತಿ ಮೇಲೆ ರೌಡಿಶೀಟ್ ಓಪನ್ ಮಾಡುತ್ತೇನೆ ಎಂದು ಇನ್ಸ್‌ಪೆಕ್ಟರ್ ಬೆದರಿಕೆ ಹಾಕಿದ್ದಾರೆಂದು ಮಹಿಳೆ ಆರೋಪಿಸಿದ್ದಾರೆ.
